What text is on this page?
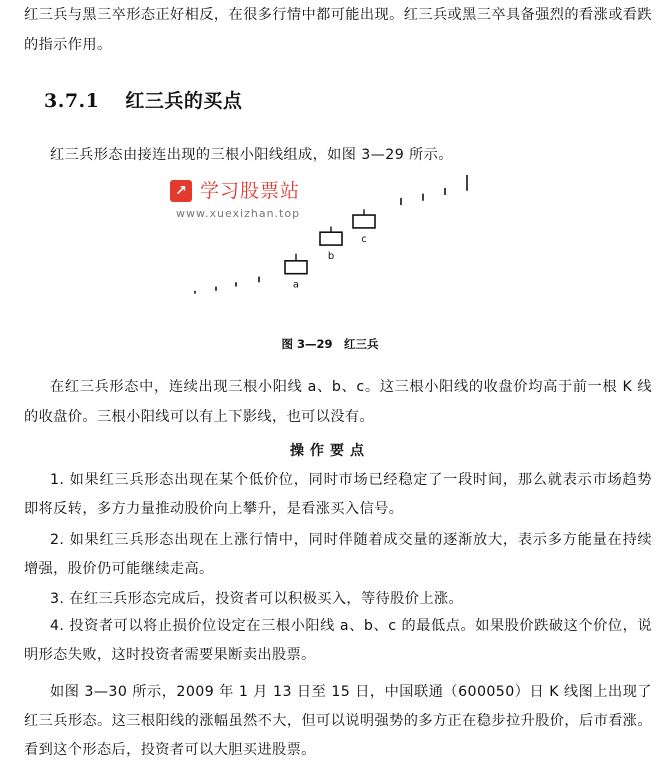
红三兵与黑三卒形态正好相反，在很多行情中都可能出现。红三兵或黑三卒具备强烈的看涨或看跌的指示作用。

3.7.1 红三兵的买点

红三兵形态由接连出现的三根小阳线组成，如图 3—29 所示。

↗ 学习股票站
www.xuexizhan.top
a
b
c

图 3—29　红三兵

在红三兵形态中，连续出现三根小阳线 a、b、c。这三根小阳线的收盘价均高于前一根 K 线的收盘价。三根小阳线可以有上下影线，也可以没有。

操作要点

1. 如果红三兵形态出现在某个低价位，同时市场已经稳定了一段时间，那么就表示市场趋势即将反转，多方力量推动股价向上攀升，是看涨买入信号。

2. 如果红三兵形态出现在上涨行情中，同时伴随着成交量的逐渐放大，表示多方能量在持续增强，股价仍可能继续走高。

3. 在红三兵形态完成后，投资者可以积极买入，等待股价上涨。

4. 投资者可以将止损价位设定在三根小阳线 a、b、c 的最低点。如果股价跌破这个价位，说明形态失败，这时投资者需要果断卖出股票。

如图 3—30 所示，2009 年 1 月 13 日至 15 日，中国联通（600050）日 K 线图上出现了红三兵形态。这三根阳线的涨幅虽然不大，但可以说明强势的多方正在稳步拉升股价，后市看涨。看到这个形态后，投资者可以大胆买进股票。
